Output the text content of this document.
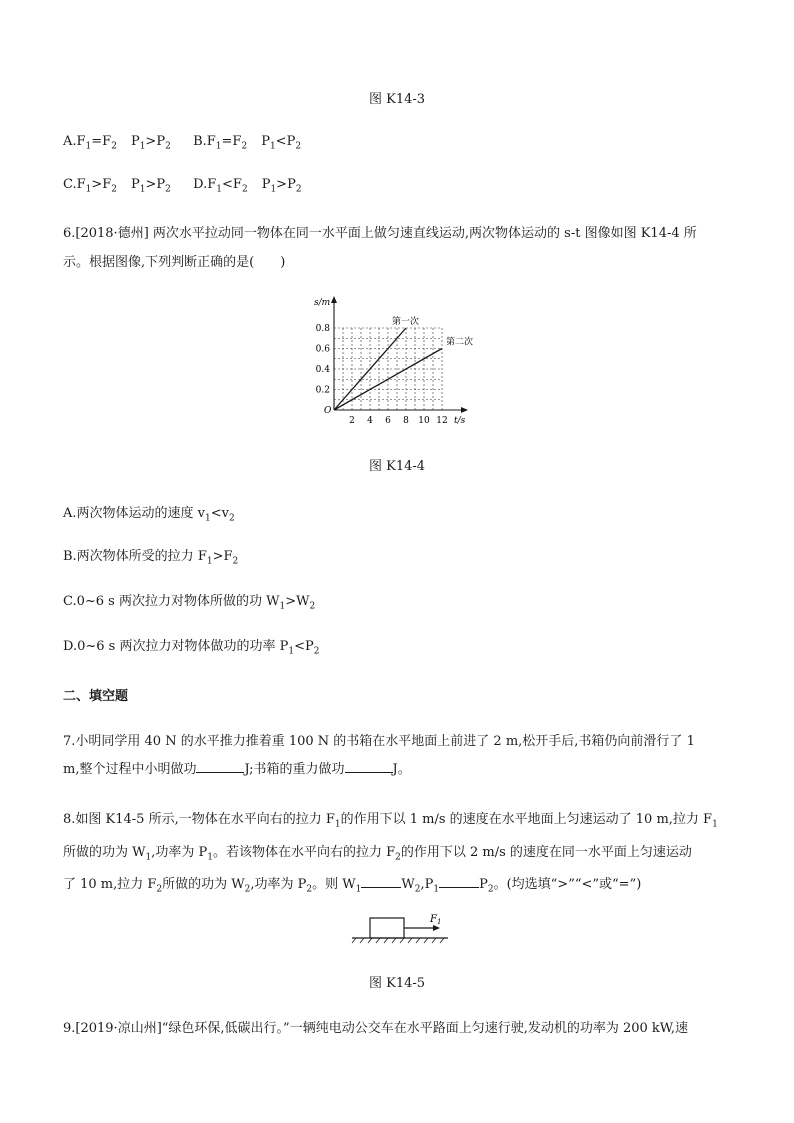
图 K14-3
$A.F_1=F_2$ $P_1>P_2$ $B.F_1=F_2$ $P_1<P_2$
$C.F_1>F_2$ $P_1>P_2$ $D.F_1<F_2$ $P_1>P_2$
6.[2018·德州] 两次水平拉动同一物体在同一水平面上做匀速直线运动,两次物体运动的 s-t 图像如图 K14-4 所
示。根据图像,下列判断正确的是(　　)
2 4 6 8 10 12
0.8
0.6
0.4
0.2
s/m
t/s
O
第一次
第二次
图 K14-4
A.两次物体运动的速度 $v_1<v_2$
B.两次物体所受的拉力 $F_1>F_2$
C.0~6 s 两次拉力对物体所做的功 $W_1>W_2$
D.0~6 s 两次拉力对物体做功的功率 $P_1<P_2$
二、填空题
7.小明同学用 40 N 的水平推力推着重 100 N 的书箱在水平地面上前进了 2 m,松开手后,书箱仍向前滑行了 1
m,整个过程中小明做功	J;书箱的重力做功	J。
8.如图 K14-5 所示,一物体在水平向右的拉力 $F_1$的作用下以 1 m/s 的速度在水平地面上匀速运动了 10 m,拉力 $F_1$
所做的功为 $W_1$,功率为 $P_1$。若该物体在水平向右的拉力 $F_2$的作用下以 2 m/s 的速度在同一水平面上匀速运动
了 10 m,拉力 $F_2$所做的功为 $W_2$,功率为 $P_2$。则 $W_1$	$W_2,P_1$	$P_2$。(均选填“>”“<”或“=”)
$F_1$
图 K14-5
9.[2019·凉山州]“绿色环保,低碳出行。”一辆纯电动公交车在水平路面上匀速行驶,发动机的功率为 200 kW,速
